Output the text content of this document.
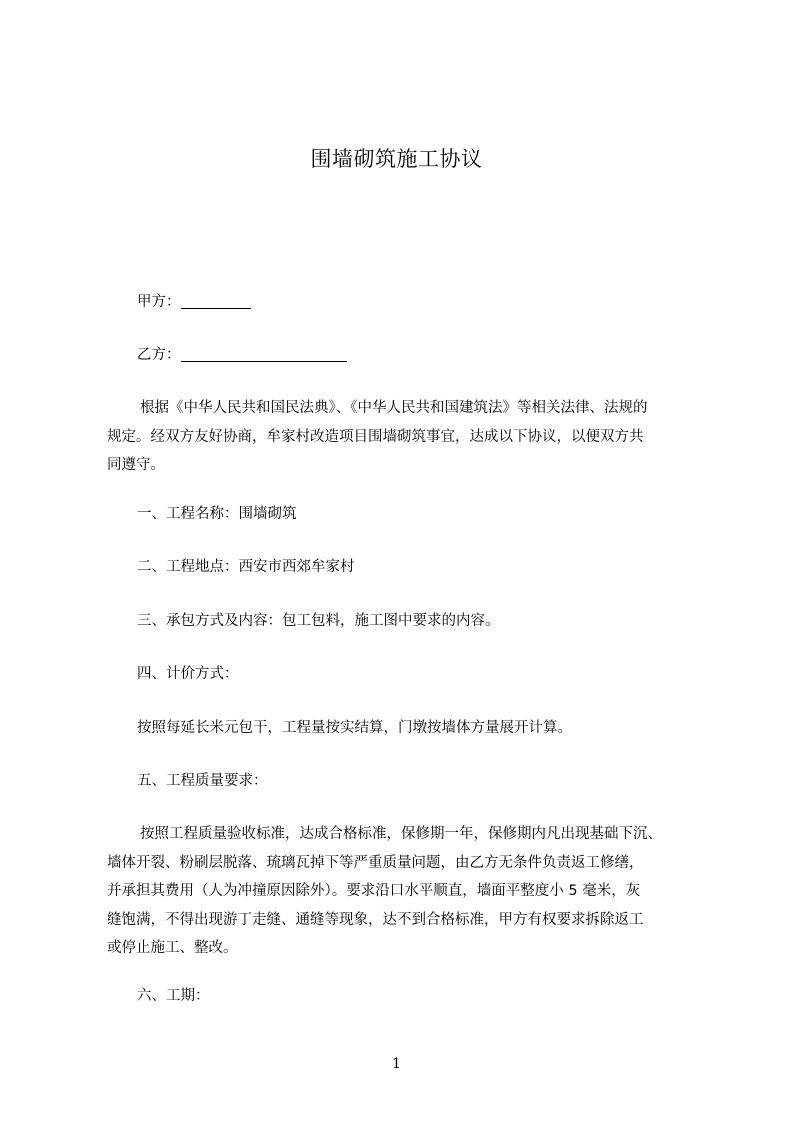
围墙砌筑施工协议
甲方：
乙方：
根据《中华人民共和国民法典》、《中华人民共和国建筑法》等相关法律、法规的
规定。经双方友好协商，牟家村改造项目围墙砌筑事宜，达成以下协议，以便双方共
同遵守。
一、工程名称：围墙砌筑
二、工程地点：西安市西郊牟家村
三、承包方式及内容：包工包料，施工图中要求的内容。
四、计价方式：
按照每延长米元包干，工程量按实结算，门墩按墙体方量展开计算。
五、工程质量要求：
按照工程质量验收标准，达成合格标准，保修期一年，保修期内凡出现基础下沉、
墙体开裂、粉刷层脱落、琉璃瓦掉下等严重质量问题，由乙方无条件负责返工修缮，
并承担其费用（人为冲撞原因除外）。要求沿口水平顺直，墙面平整度小 5 毫米，灰
缝饱满，不得出现游丁走缝、通缝等现象，达不到合格标准，甲方有权要求拆除返工
或停止施工、整改。
六、工期：
1
